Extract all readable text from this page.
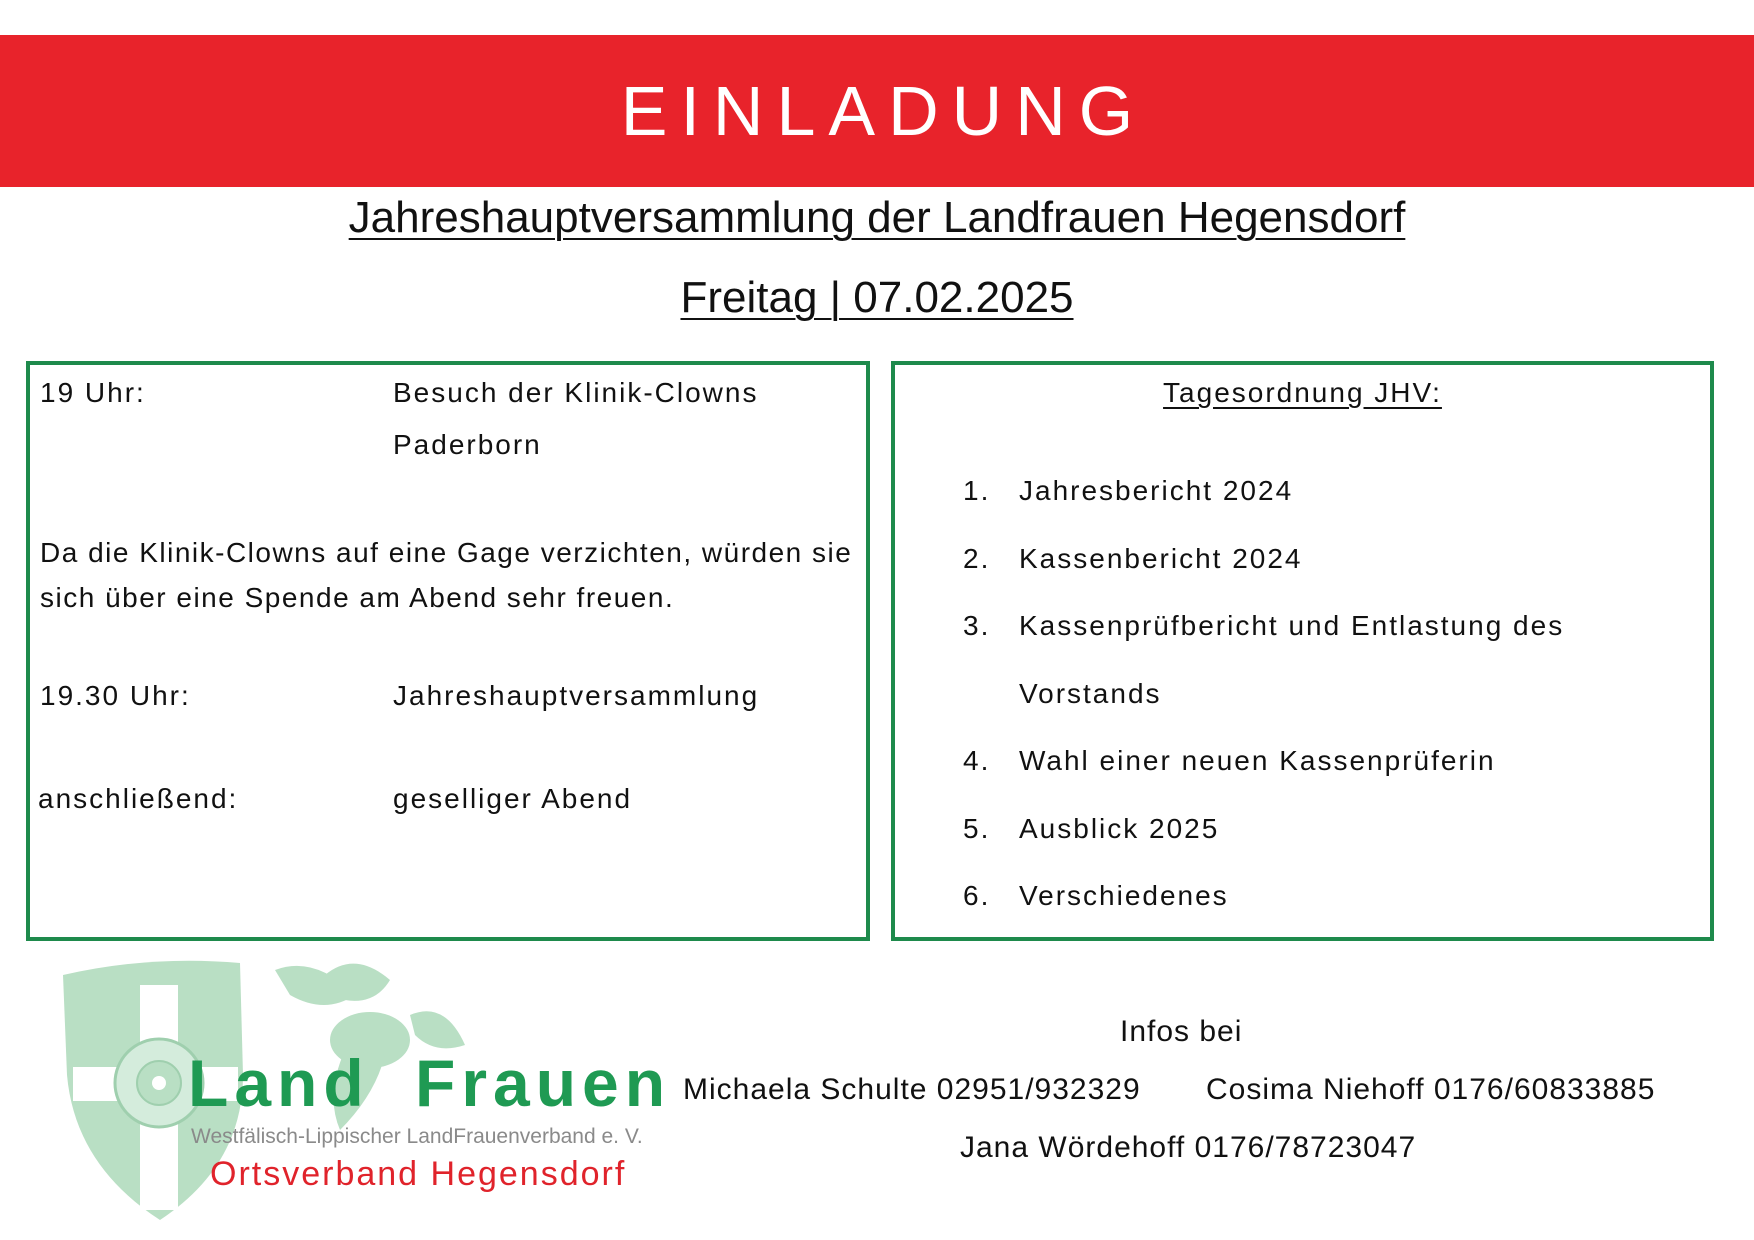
EINLADUNG
Jahreshauptversammlung der Landfrauen Hegensdorf
Freitag | 07.02.2025
19 Uhr:	Besuch der Klinik-Clowns
Paderborn
Da die Klinik-Clowns auf eine Gage verzichten, würden sie sich über eine Spende am Abend sehr freuen.
19.30 Uhr:	Jahreshauptversammlung
anschließend:	geselliger Abend
Tagesordnung JHV:
1. Jahresbericht 2024
2. Kassenbericht 2024
3. Kassenprüfbericht und Entlastung des
Vorstands
4. Wahl einer neuen Kassenprüferin
5. Ausblick 2025
6. Verschiedenes
Land Frauen
Westfälisch-Lippischer LandFrauenverband e. V.
Ortsverband Hegensdorf
Infos bei
Michaela Schulte 02951/932329 Cosima Niehoff 0176/60833885
Jana Wördehoff 0176/78723047
